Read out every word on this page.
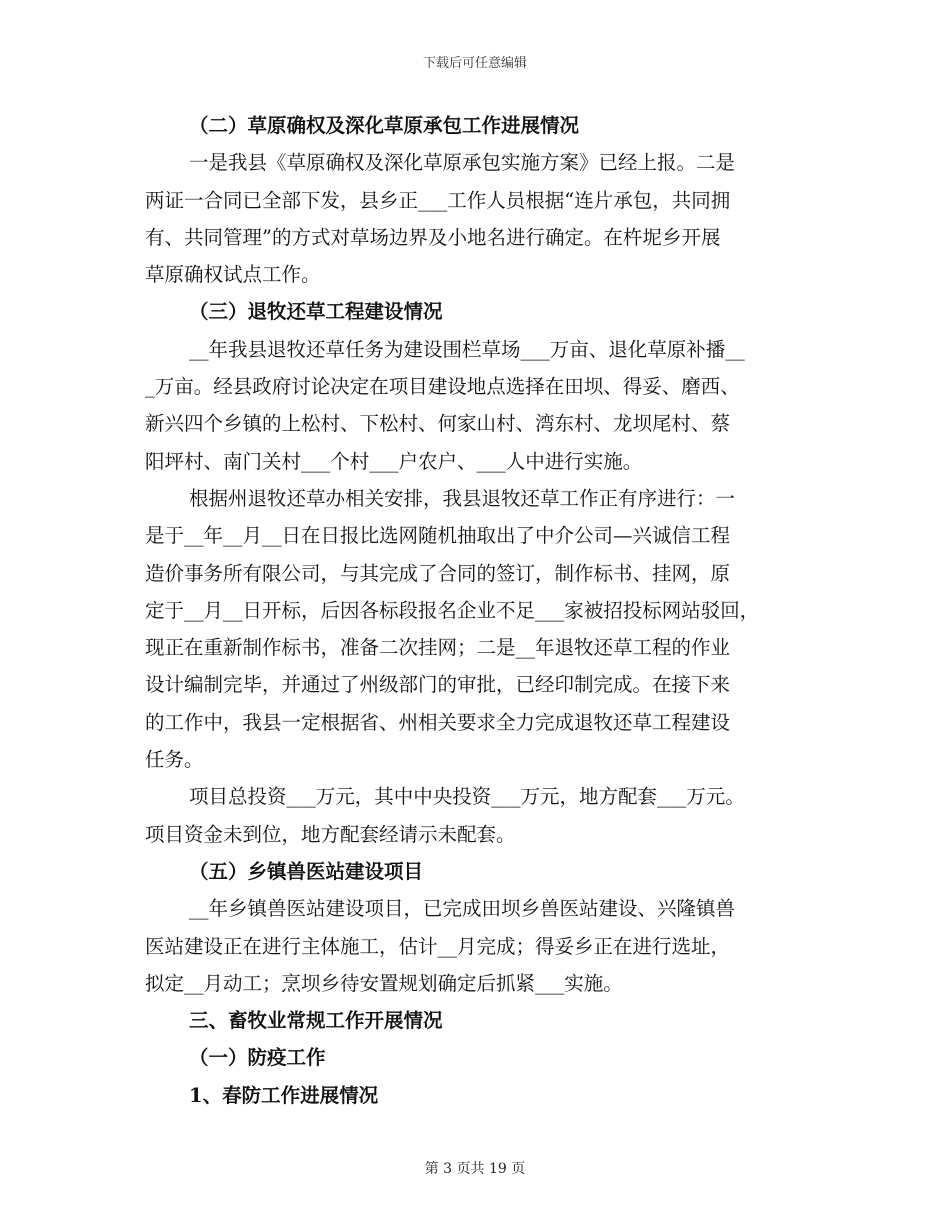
下载后可任意编辑
（二）草原确权及深化草原承包工作进展情况
一是我县《草原确权及深化草原承包实施方案》已经上报。二是
两证一合同已全部下发，县乡正___工作人员根据“连片承包，共同拥
有、共同管理”的方式对草场边界及小地名进行确定。在杵坭乡开展
草原确权试点工作。
（三）退牧还草工程建设情况
__年我县退牧还草任务为建设围栏草场___万亩、退化草原补播__
_万亩。经县政府讨论决定在项目建设地点选择在田坝、得妥、磨西、
新兴四个乡镇的上松村、下松村、何家山村、湾东村、龙坝尾村、蔡
阳坪村、南门关村___个村___户农户、___人中进行实施。
根据州退牧还草办相关安排，我县退牧还草工作正有序进行：一
是于__年__月__日在日报比选网随机抽取出了中介公司—兴诚信工程
造价事务所有限公司，与其完成了合同的签订，制作标书、挂网，原
定于__月__日开标，后因各标段报名企业不足___家被招投标网站驳回，
现正在重新制作标书，准备二次挂网；二是__年退牧还草工程的作业
设计编制完毕，并通过了州级部门的审批，已经印制完成。在接下来
的工作中，我县一定根据省、州相关要求全力完成退牧还草工程建设
任务。
项目总投资___万元，其中中央投资___万元，地方配套___万元。
项目资金未到位，地方配套经请示未配套。
（五）乡镇兽医站建设项目
__年乡镇兽医站建设项目，已完成田坝乡兽医站建设、兴隆镇兽
医站建设正在进行主体施工，估计__月完成；得妥乡正在进行选址，
拟定__月动工；烹坝乡待安置规划确定后抓紧___实施。
三、畜牧业常规工作开展情况
（一）防疫工作
1、春防工作进展情况
第 3 页共 19 页
